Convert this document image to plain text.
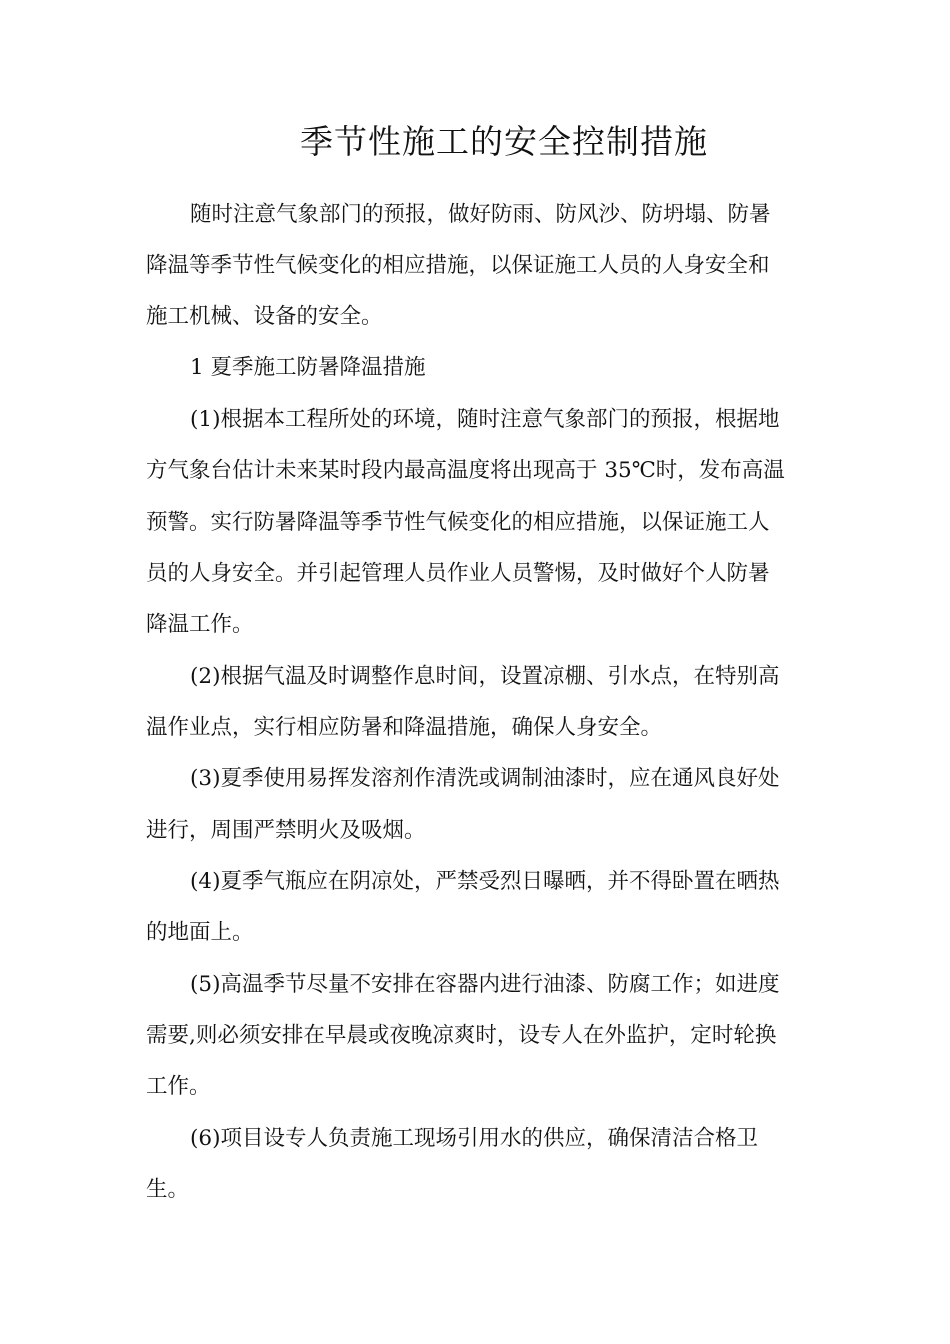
季节性施工的安全控制措施
随时注意气象部门的预报，做好防雨、防风沙、防坍塌、防暑
降温等季节性气候变化的相应措施，以保证施工人员的人身安全和
施工机械、设备的安全。
1 夏季施工防暑降温措施
(1)根据本工程所处的环境，随时注意气象部门的预报，根据地
方气象台估计未来某时段内最高温度将出现高于 35℃时，发布高温
预警。实行防暑降温等季节性气候变化的相应措施，以保证施工人
员的人身安全。并引起管理人员作业人员警惕，及时做好个人防暑
降温工作。
(2)根据气温及时调整作息时间，设置凉棚、引水点，在特别高
温作业点，实行相应防暑和降温措施，确保人身安全。
(3)夏季使用易挥发溶剂作清洗或调制油漆时，应在通风良好处
进行，周围严禁明火及吸烟。
(4)夏季气瓶应在阴凉处，严禁受烈日曝晒，并不得卧置在晒热
的地面上。
(5)高温季节尽量不安排在容器内进行油漆、防腐工作；如进度
需要,则必须安排在早晨或夜晚凉爽时，设专人在外监护，定时轮换
工作。
(6)项目设专人负责施工现场引用水的供应，确保清洁合格卫
生。
